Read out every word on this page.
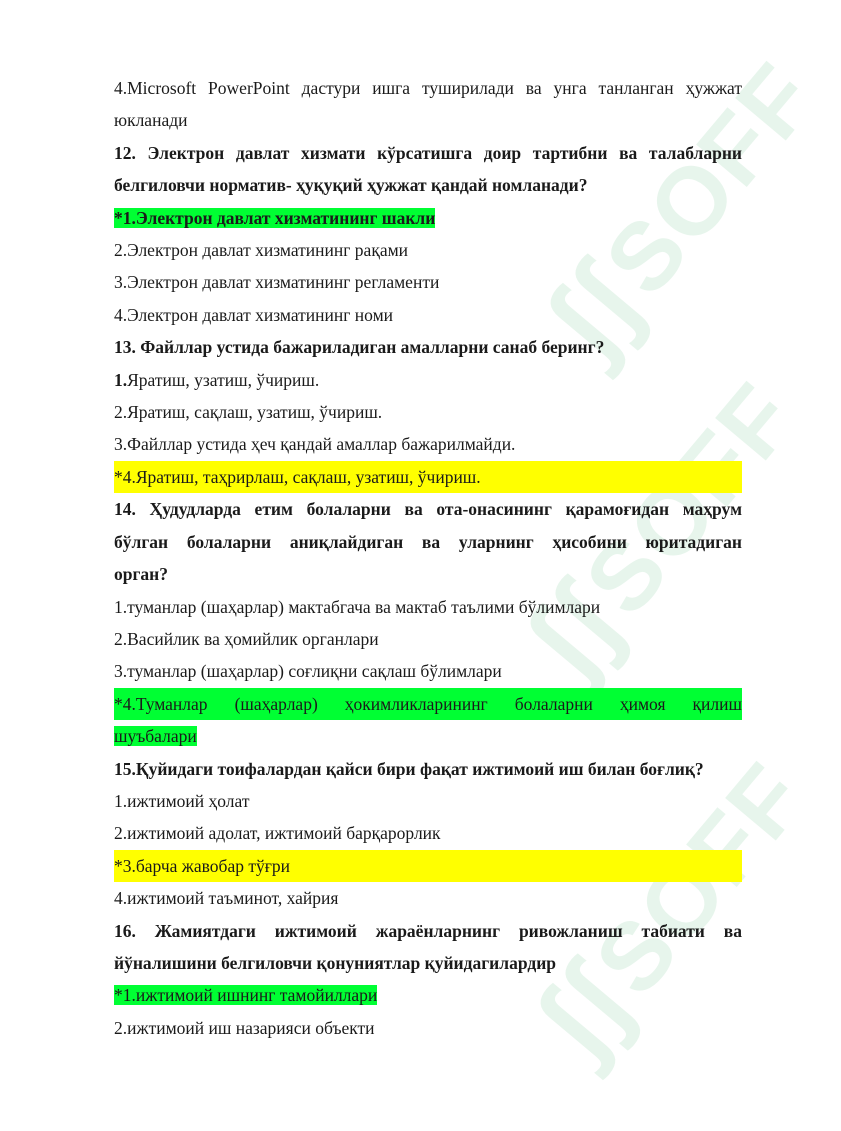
ʃʃSOFF
ʃʃSOFF
ʃʃSOFF
4.Microsoft PowerPoint дастури ишга туширилади ва унга танланган ҳужжат
юкланади
12. Электрон давлат хизмати кўрсатишга доир тартибни ва талабларни
белгиловчи норматив- ҳуқуқий ҳужжат қандай номланади?
*1.Электрон давлат хизматининг шакли
2.Электрон давлат хизматининг рақами
3.Электрон давлат хизматининг регламенти
4.Электрон давлат хизматининг номи
13. Файллар устида бажариладиган амалларни санаб беринг?
1.Яратиш, узатиш, ўчириш.
2.Яратиш, сақлаш, узатиш, ўчириш.
3.Файллар устида ҳеч қандай амаллар бажарилмайди.
*4.Яратиш, таҳрирлаш, сақлаш, узатиш, ўчириш.
14. Ҳудудларда етим болаларни ва ота-онасининг қарамоғидан маҳрум
бўлган болаларни аниқлайдиган ва уларнинг ҳисобини юритадиган
орган?
1.туманлар (шаҳарлар) мактабгача ва мактаб таълими бўлимлари
2.Васийлик ва ҳомийлик органлари
3.туманлар (шаҳарлар) соғлиқни сақлаш бўлимлари
*4.Туманлар (шаҳарлар) ҳокимликларининг болаларни ҳимоя қилиш
шуъбалари
15.Қуйидаги тоифалардан қайси бири фақат ижтимоий иш билан боғлиқ?
1.ижтимоий ҳолат
2.ижтимоий адолат, ижтимоий барқарорлик
*3.барча жавобар тўғри
4.ижтимоий таъминот, хайрия
16. Жамиятдаги ижтимоий жараёнларнинг ривожланиш табиати ва
йўналишини белгиловчи қонуниятлар қуйидагилардир
*1.ижтимоий ишнинг тамойиллари
2.ижтимоий иш назарияси объекти
